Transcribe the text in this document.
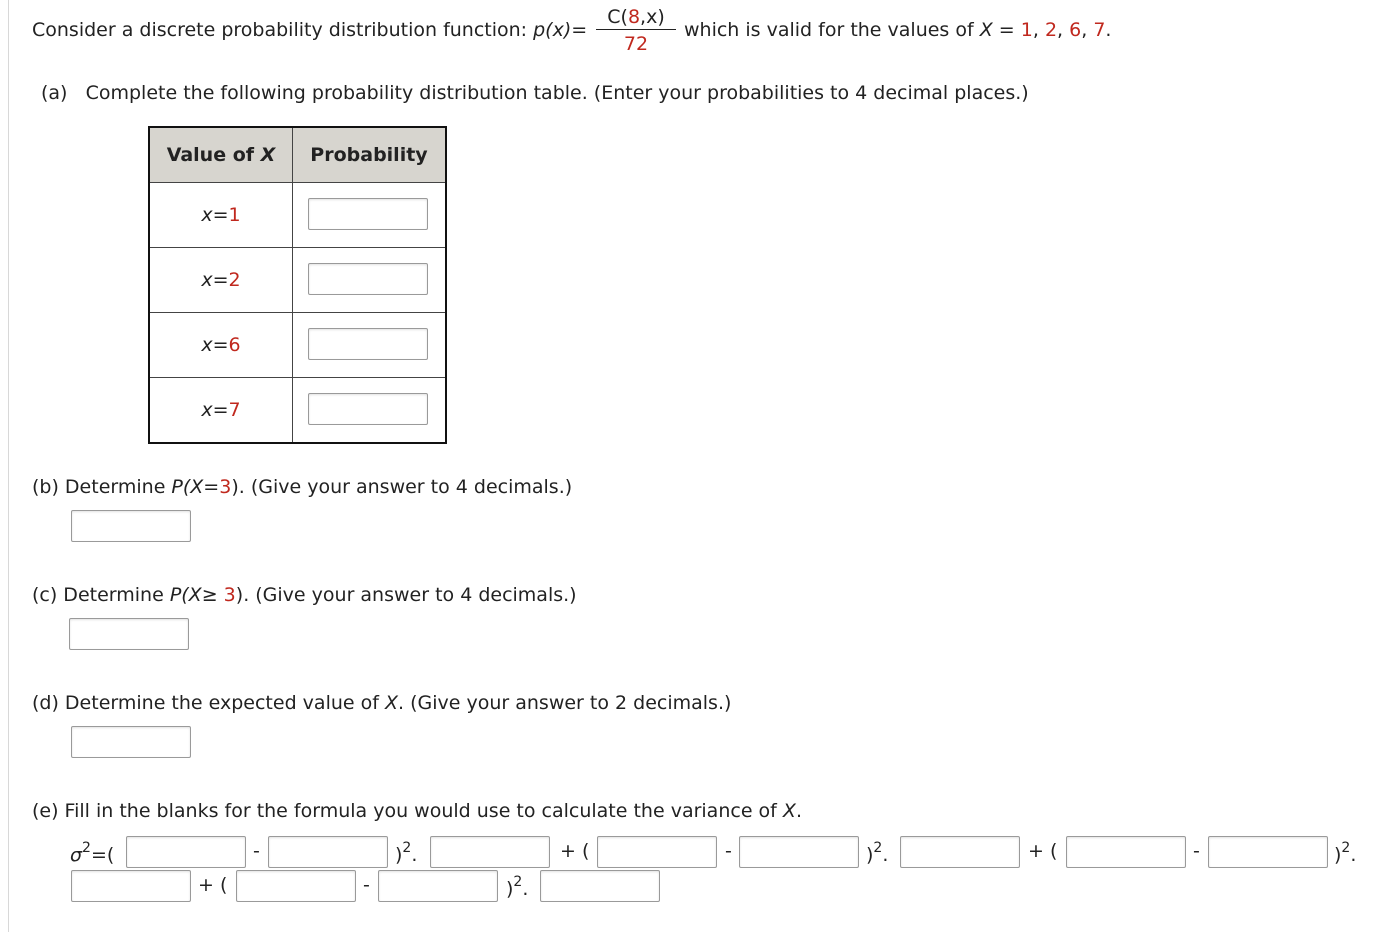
Consider a discrete probability distribution function: $p(x)= \frac{C(8,x)}{72}$ which is valid for the values of X = 1, 2, 6, 7.
(a) Complete the following probability distribution table. (Enter your probabilities to 4 decimal places.)
Value of X	Probability
x=1	

x=2	

x=6	

x=7	
(b) Determine P(X=3). (Give your answer to 4 decimals.)
(c) Determine P(X≥ 3). (Give your answer to 4 decimals.)
(d) Determine the expected value of X. (Give your answer to 2 decimals.)
(e) Fill in the blanks for the formula you would use to calculate the variance of X.
$\sigma^2=$(	-	)$^2$.	+ (	-	)$^2$.	+ (	-	)$^2$.
+ (	-	)$^2$.
